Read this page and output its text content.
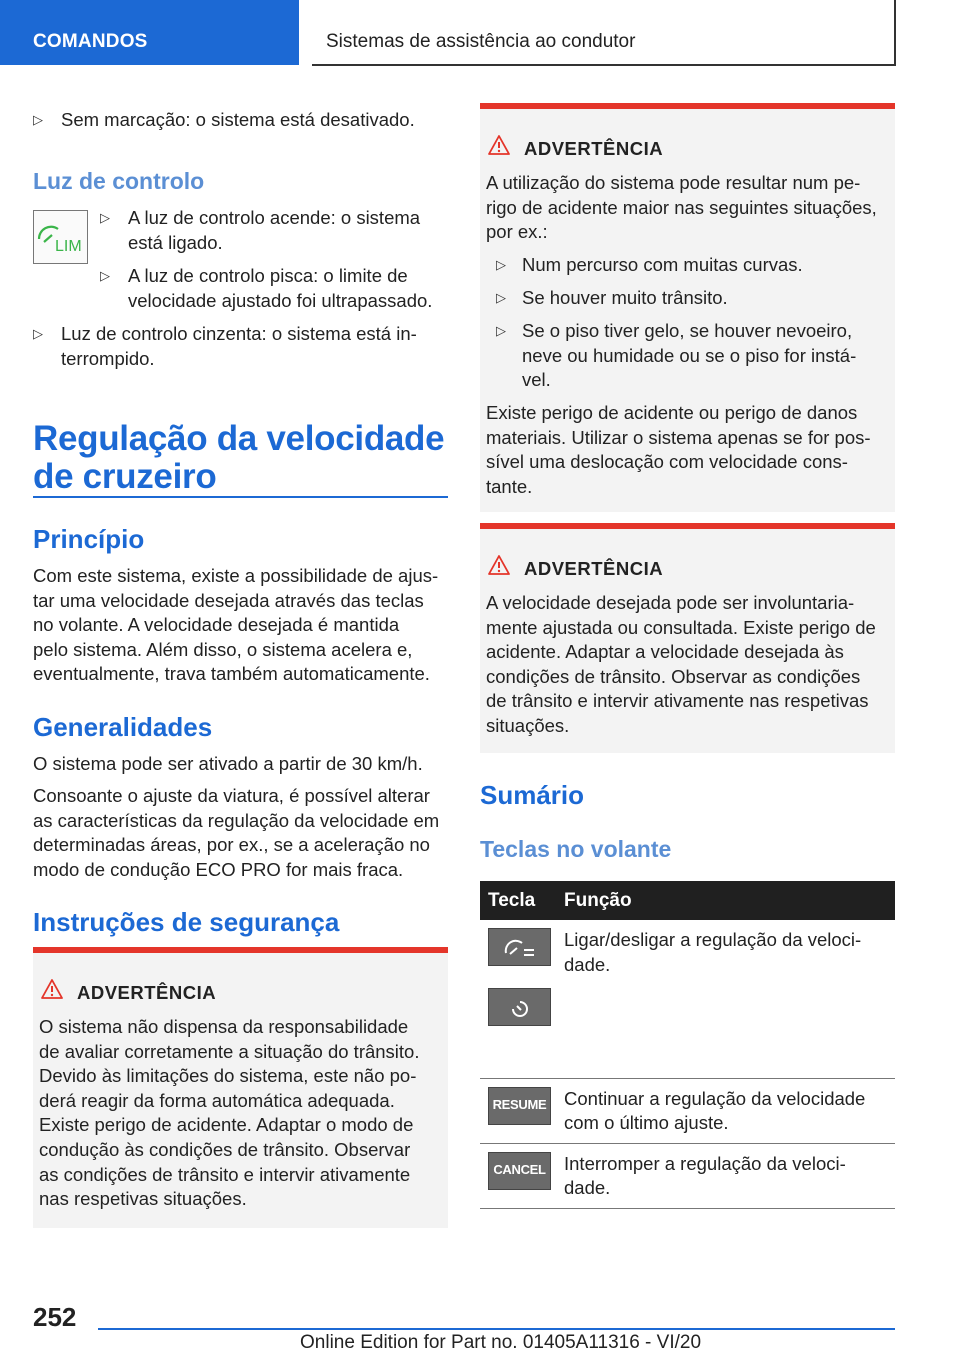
COMANDOS	Sistemas de assistência ao condutor
▷ Sem marcação: o sistema está desativado.
Luz de controlo
LIM
▷ A luz de controlo acende: o sistema
está ligado.
▷ A luz de controlo pisca: o limite de
velocidade ajustado foi ultrapassado.
▷ Luz de controlo cinzenta: o sistema está in-
terrompido.
Regulação da velocidade
de cruzeiro
Princípio
Com este sistema, existe a possibilidade de ajus-
tar uma velocidade desejada através das teclas
no volante. A velocidade desejada é mantida
pelo sistema. Além disso, o sistema acelera e,
eventualmente, trava também automaticamente.
Generalidades
O sistema pode ser ativado a partir de 30 km/h.
Consoante o ajuste da viatura, é possível alterar
as características da regulação da velocidade em
determinadas áreas, por ex., se a aceleração no
modo de condução ECO PRO for mais fraca.
Instruções de segurança
ADVERTÊNCIA
O sistema não dispensa da responsabilidade
de avaliar corretamente a situação do trânsito.
Devido às limitações do sistema, este não po-
derá reagir da forma automática adequada.
Existe perigo de acidente. Adaptar o modo de
condução às condições de trânsito. Observar
as condições de trânsito e intervir ativamente
nas respetivas situações.
ADVERTÊNCIA
A utilização do sistema pode resultar num pe-
rigo de acidente maior nas seguintes situações,
por ex.:
▷ Num percurso com muitas curvas.
▷ Se houver muito trânsito.
▷ Se o piso tiver gelo, se houver nevoeiro,
neve ou humidade ou se o piso for instá-
vel.
Existe perigo de acidente ou perigo de danos
materiais. Utilizar o sistema apenas se for pos-
sível uma deslocação com velocidade cons-
tante.
ADVERTÊNCIA
A velocidade desejada pode ser involuntaria-
mente ajustada ou consultada. Existe perigo de
acidente. Adaptar a velocidade desejada às
condições de trânsito. Observar as condições
de trânsito e intervir ativamente nas respetivas
situações.
Sumário
Teclas no volante
Tecla	Função

	Ligar/desligar a regulação da veloci-
dade.

RESUME	Continuar a regulação da velocidade
com o último ajuste.

CANCEL	Interromper a regulação da veloci-
dade.
252
Online Edition for Part no. 01405A11316 - VI/20
